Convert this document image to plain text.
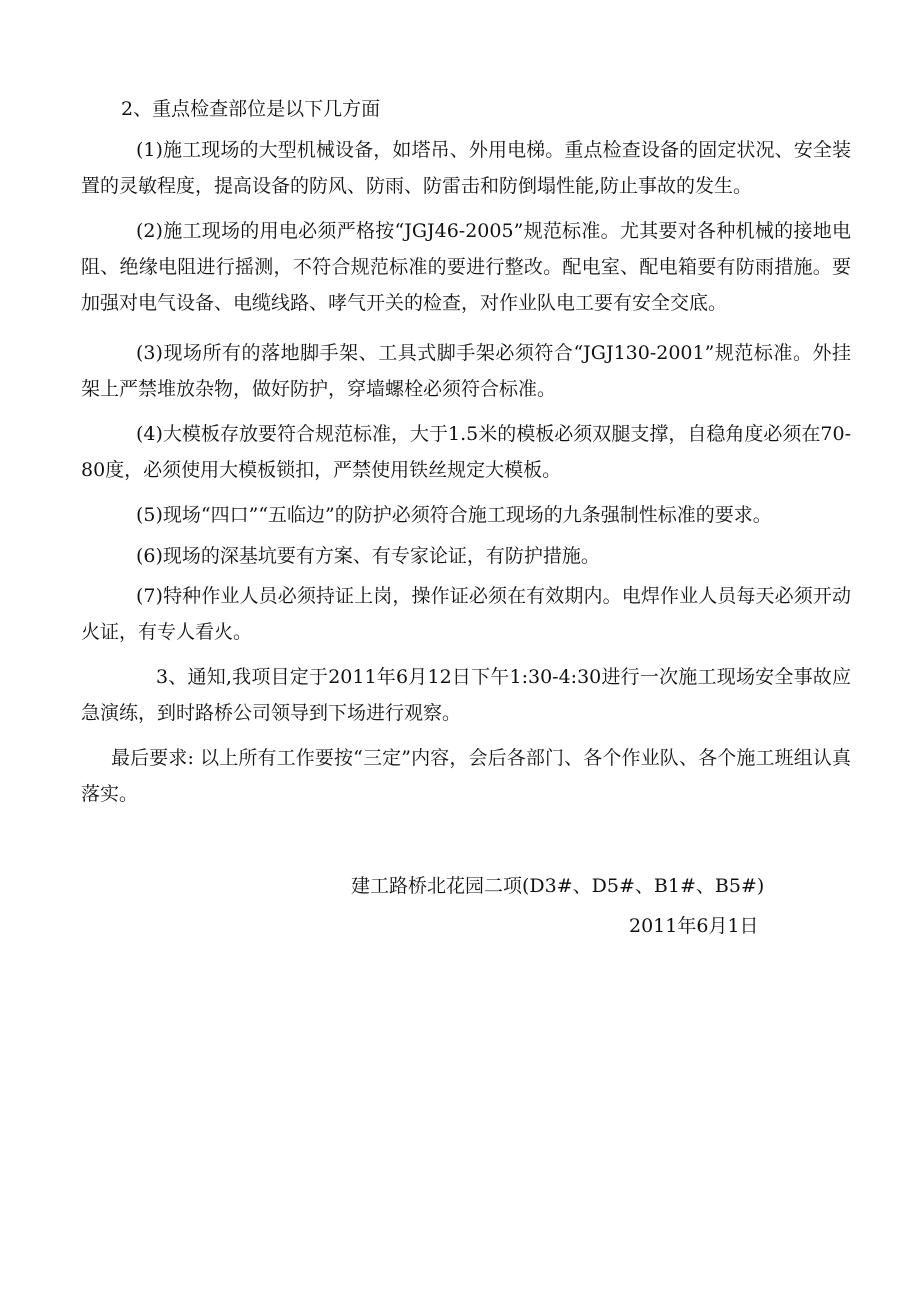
2、重点检查部位是以下几方面

(1)施工现场的大型机械设备，如塔吊、外用电梯。重点检查设备的固定状况、安全装置的灵敏程度，提高设备的防风、防雨、防雷击和防倒塌性能,防止事故的发生。

(2)施工现场的用电必须严格按“JGJ46-2005”规范标准。尤其要对各种机械的接地电阻、绝缘电阻进行摇测，不符合规范标准的要进行整改。配电室、配电箱要有防雨措施。要加强对电气设备、电缆线路、哮气开关的检查，对作业队电工要有安全交底。

(3)现场所有的落地脚手架、工具式脚手架必须符合“JGJ130-2001”规范标准。外挂架上严禁堆放杂物，做好防护，穿墙螺栓必须符合标准。

(4)大模板存放要符合规范标准，大于1.5米的模板必须双腿支撑，自稳角度必须在70-80度，必须使用大模板锁扣，严禁使用铁丝规定大模板。

(5)现场“四口”“五临边”的防护必须符合施工现场的九条强制性标准的要求。

(6)现场的深基坑要有方案、有专家论证，有防护措施。

(7)特种作业人员必须持证上岗，操作证必须在有效期内。电焊作业人员每天必须开动火证，有专人看火。

3、通知,我项目定于2011年6月12日下午1:30-4:30进行一次施工现场安全事故应急演练，到时路桥公司领导到下场进行观察。

最后要求: 以上所有工作要按“三定”内容，会后各部门、各个作业队、各个施工班组认真落实。

建工路桥北花园二项(D3#、D5#、B1#、B5#)

2011年6月1日
